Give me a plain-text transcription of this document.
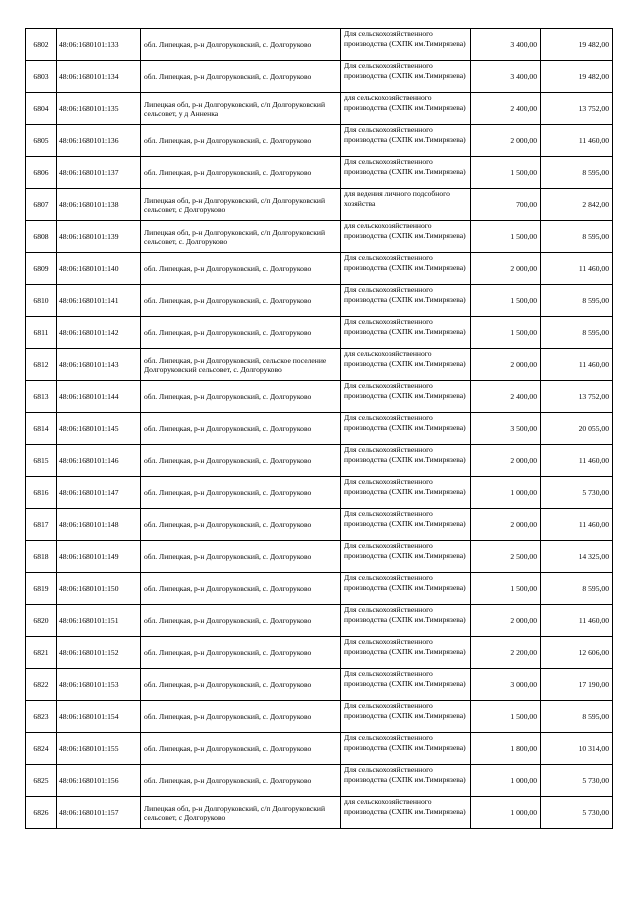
6802	48:06:1680101:133	обл. Липецкая, р-н Долгоруковский, с. Долгоруково	Для сельскохозяйственного производства (СХПК им.Тимирязева)	3 400,00	19 482,00
6803	48:06:1680101:134	обл. Липецкая, р-н Долгоруковский, с. Долгоруково	Для сельскохозяйственного производства (СХПК им.Тимирязева)	3 400,00	19 482,00
6804	48:06:1680101:135	Липецкая обл, р-н Долгоруковский, с/п Долгоруковский сельсовет, у д Анненка	для сельскохозяйственного производства (СХПК им.Тимирязева)	2 400,00	13 752,00
6805	48:06:1680101:136	обл. Липецкая, р-н Долгоруковский, с. Долгоруково	Для сельскохозяйственного производства (СХПК им.Тимирязева)	2 000,00	11 460,00
6806	48:06:1680101:137	обл. Липецкая, р-н Долгоруковский, с. Долгоруково	Для сельскохозяйственного производства (СХПК им.Тимирязева)	1 500,00	8 595,00
6807	48:06:1680101:138	Липецкая обл, р-н Долгоруковский, с/п Долгоруковский сельсовет, с Долгоруково	для ведения личного подсобного хозяйства	700,00	2 842,00
6808	48:06:1680101:139	Липецкая обл, р-н Долгоруковский, с/п Долгоруковский сельсовет, с. Долгоруково	для сельскохозяйственного производства (СХПК им.Тимирязева)	1 500,00	8 595,00
6809	48:06:1680101:140	обл. Липецкая, р-н Долгоруковский, с. Долгоруково	Для сельскохозяйственного производства (СХПК им.Тимирязева)	2 000,00	11 460,00
6810	48:06:1680101:141	обл. Липецкая, р-н Долгоруковский, с. Долгоруково	Для сельскохозяйственного производства (СХПК им.Тимирязева)	1 500,00	8 595,00
6811	48:06:1680101:142	обл. Липецкая, р-н Долгоруковский, с. Долгоруково	Для сельскохозяйственного производства (СХПК им.Тимирязева)	1 500,00	8 595,00
6812	48:06:1680101:143	обл. Липецкая, р-н Долгоруковский, сельское поселение Долгоруковский сельсовет, с. Долгоруково	для сельскохозяйственного производства (СХПК им.Тимирязева)	2 000,00	11 460,00
6813	48:06:1680101:144	обл. Липецкая, р-н Долгоруковский, с. Долгоруково	Для сельскохозяйственного производства (СХПК им.Тимирязева)	2 400,00	13 752,00
6814	48:06:1680101:145	обл. Липецкая, р-н Долгоруковский, с. Долгоруково	Для сельскохозяйственного производства (СХПК им.Тимирязева)	3 500,00	20 055,00
6815	48:06:1680101:146	обл. Липецкая, р-н Долгоруковский, с. Долгоруково	Для сельскохозяйственного производства (СХПК им.Тимирязева)	2 000,00	11 460,00
6816	48:06:1680101:147	обл. Липецкая, р-н Долгоруковский, с. Долгоруково	Для сельскохозяйственного производства (СХПК им.Тимирязева)	1 000,00	5 730,00
6817	48:06:1680101:148	обл. Липецкая, р-н Долгоруковский, с. Долгоруково	Для сельскохозяйственного производства (СХПК им.Тимирязева)	2 000,00	11 460,00
6818	48:06:1680101:149	обл. Липецкая, р-н Долгоруковский, с. Долгоруково	Для сельскохозяйственного производства (СХПК им.Тимирязева)	2 500,00	14 325,00
6819	48:06:1680101:150	обл. Липецкая, р-н Долгоруковский, с. Долгоруково	Для сельскохозяйственного производства (СХПК им.Тимирязева)	1 500,00	8 595,00
6820	48:06:1680101:151	обл. Липецкая, р-н Долгоруковский, с. Долгоруково	Для сельскохозяйственного производства (СХПК им.Тимирязева)	2 000,00	11 460,00
6821	48:06:1680101:152	обл. Липецкая, р-н Долгоруковский, с. Долгоруково	Для сельскохозяйственного производства (СХПК им.Тимирязева)	2 200,00	12 606,00
6822	48:06:1680101:153	обл. Липецкая, р-н Долгоруковский, с. Долгоруково	Для сельскохозяйственного производства (СХПК им.Тимирязева)	3 000,00	17 190,00
6823	48:06:1680101:154	обл. Липецкая, р-н Долгоруковский, с. Долгоруково	Для сельскохозяйственного производства (СХПК им.Тимирязева)	1 500,00	8 595,00
6824	48:06:1680101:155	обл. Липецкая, р-н Долгоруковский, с. Долгоруково	Для сельскохозяйственного производства (СХПК им.Тимирязева)	1 800,00	10 314,00
6825	48:06:1680101:156	обл. Липецкая, р-н Долгоруковский, с. Долгоруково	Для сельскохозяйственного производства (СХПК им.Тимирязева)	1 000,00	5 730,00
6826	48:06:1680101:157	Липецкая обл, р-н Долгоруковский, с/п Долгоруковский сельсовет, с Долгоруково	для сельскохозяйственного производства (СХПК им.Тимирязева)	1 000,00	5 730,00
